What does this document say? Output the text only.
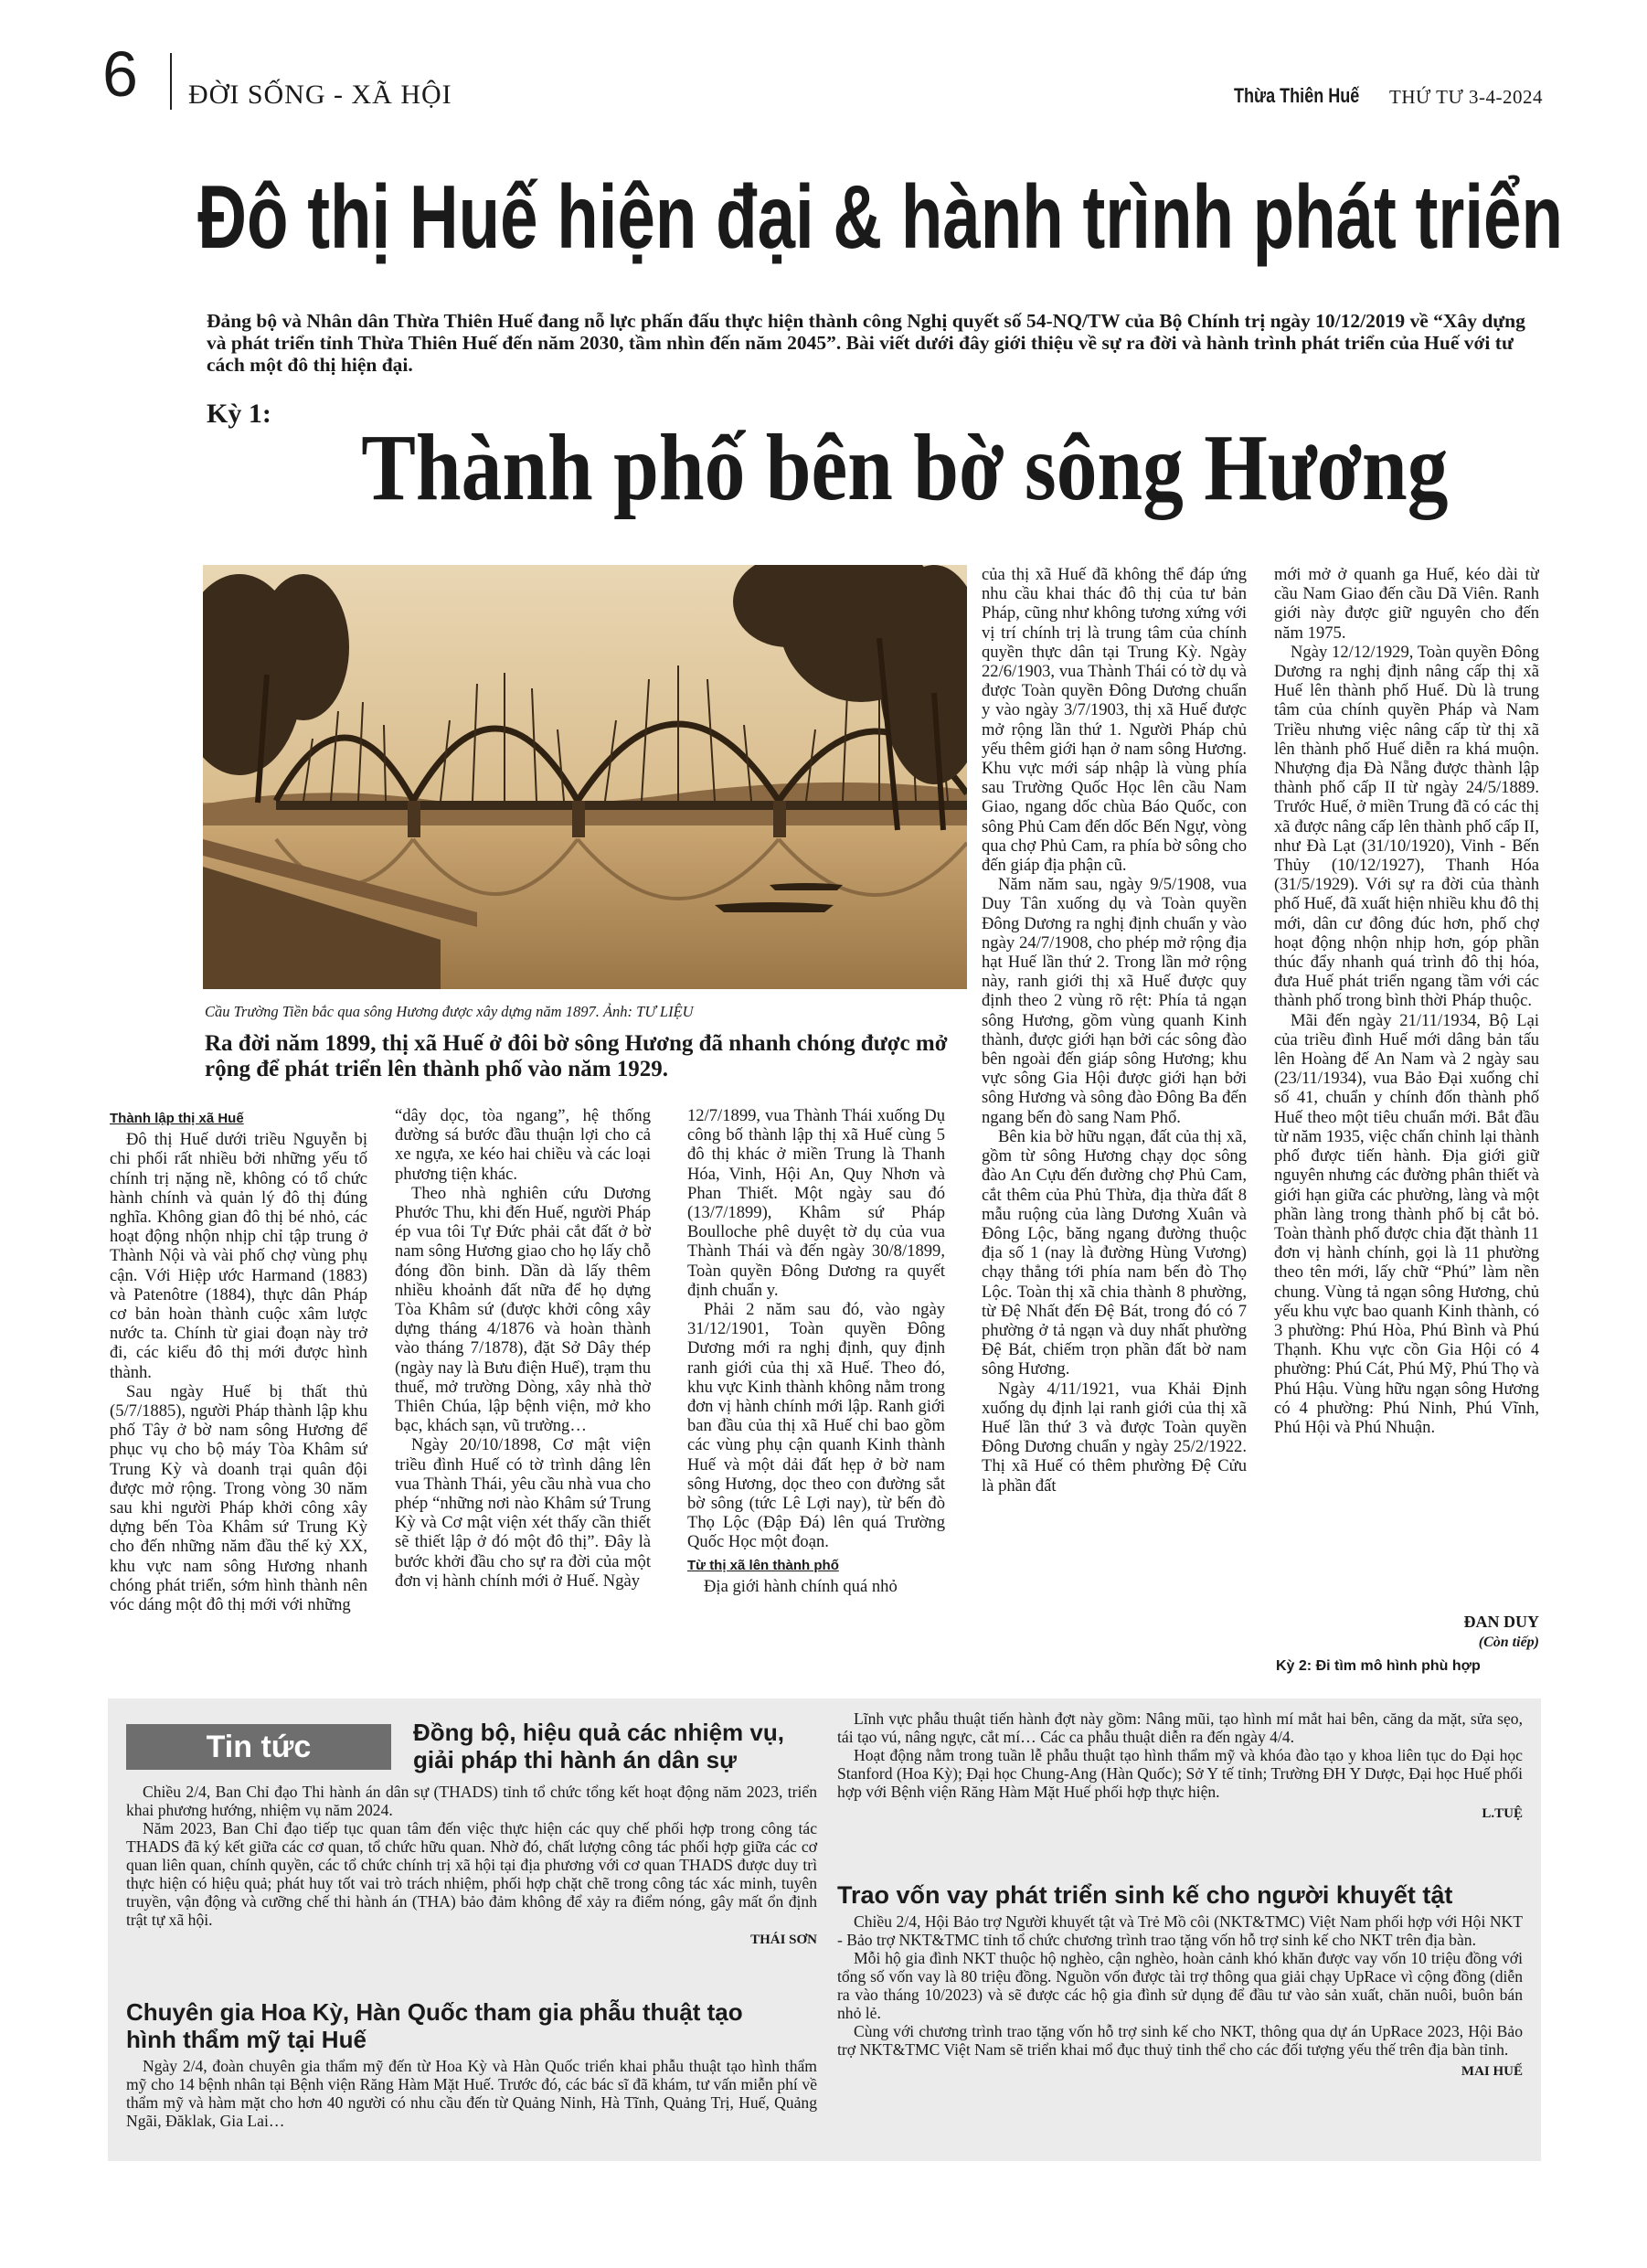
6 ĐỜI SỐNG - XÃ HỘI	Thừa Thiên Huế THỨ TƯ 3-4-2024
Đô thị Huế hiện đại & hành trình phát triển
Đảng bộ và Nhân dân Thừa Thiên Huế đang nỗ lực phấn đấu thực hiện thành công Nghị quyết số 54-NQ/TW của Bộ Chính trị ngày 10/12/2019 về “Xây dựng và phát triển tỉnh Thừa Thiên Huế đến năm 2030, tầm nhìn đến năm 2045”. Bài viết dưới đây giới thiệu về sự ra đời và hành trình phát triển của Huế với tư cách một đô thị hiện đại.
Kỳ 1:
Thành phố bên bờ sông Hương
Cầu Trường Tiền bắc qua sông Hương được xây dựng năm 1897. Ảnh: TƯ LIỆU
Ra đời năm 1899, thị xã Huế ở đôi bờ sông Hương đã nhanh chóng được mở rộng để phát triển lên thành phố vào năm 1929.
Thành lập thị xã Huế

Đô thị Huế dưới triều Nguyễn bị chi phối rất nhiều bởi những yếu tố chính trị nặng nề, không có tổ chức hành chính và quản lý đô thị đúng nghĩa. Không gian đô thị bé nhỏ, các hoạt động nhộn nhịp chỉ tập trung ở Thành Nội và vài phố chợ vùng phụ cận. Với Hiệp ước Harmand (1883) và Patenôtre (1884), thực dân Pháp cơ bản hoàn thành cuộc xâm lược nước ta. Chính từ giai đoạn này trở đi, các kiểu đô thị mới được hình thành.

Sau ngày Huế bị thất thủ (5/7/1885), người Pháp thành lập khu phố Tây ở bờ nam sông Hương để phục vụ cho bộ máy Tòa Khâm sứ Trung Kỳ và doanh trại quân đội được mở rộng. Trong vòng 30 năm sau khi người Pháp khởi công xây dựng bến Tòa Khâm sứ Trung Kỳ cho đến những năm đầu thế kỷ XX, khu vực nam sông Hương nhanh chóng phát triển, sớm hình thành nên vóc dáng một đô thị mới với những

“dây dọc, tòa ngang”, hệ thống đường sá bước đầu thuận lợi cho cả xe ngựa, xe kéo hai chiều và các loại phương tiện khác.

Theo nhà nghiên cứu Dương Phước Thu, khi đến Huế, người Pháp ép vua tôi Tự Đức phải cắt đất ở bờ nam sông Hương giao cho họ lấy chỗ đóng đồn binh. Dần dà lấy thêm nhiều khoảnh đất nữa để họ dựng Tòa Khâm sứ (được khởi công xây dựng tháng 4/1876 và hoàn thành vào tháng 7/1878), đặt Sở Dây thép (ngày nay là Bưu điện Huế), trạm thu thuế, mở trường Dòng, xây nhà thờ Thiên Chúa, lập bệnh viện, mở kho bạc, khách sạn, vũ trường…

Ngày 20/10/1898, Cơ mật viện triều đình Huế có tờ trình dâng lên vua Thành Thái, yêu cầu nhà vua cho phép “những nơi nào Khâm sứ Trung Kỳ và Cơ mật viện xét thấy cần thiết sẽ thiết lập ở đó một đô thị”. Đây là bước khởi đầu cho sự ra đời của một đơn vị hành chính mới ở Huế. Ngày

12/7/1899, vua Thành Thái xuống Dụ công bố thành lập thị xã Huế cùng 5 đô thị khác ở miền Trung là Thanh Hóa, Vinh, Hội An, Quy Nhơn và Phan Thiết. Một ngày sau đó (13/7/1899), Khâm sứ Pháp Boulloche phê duyệt tờ dụ của vua Thành Thái và đến ngày 30/8/1899, Toàn quyền Đông Dương ra quyết định chuẩn y.

Phải 2 năm sau đó, vào ngày 31/12/1901, Toàn quyền Đông Dương mới ra nghị định, quy định ranh giới của thị xã Huế. Theo đó, khu vực Kinh thành không nằm trong đơn vị hành chính mới lập. Ranh giới ban đầu của thị xã Huế chỉ bao gồm các vùng phụ cận quanh Kinh thành Huế và một dải đất hẹp ở bờ nam sông Hương, dọc theo con đường sắt bờ sông (tức Lê Lợi nay), từ bến đò Thọ Lộc (Đập Đá) lên quá Trường Quốc Học một đoạn.

Từ thị xã lên thành phố

Địa giới hành chính quá nhỏ

của thị xã Huế đã không thể đáp ứng nhu cầu khai thác đô thị của tư bản Pháp, cũng như không tương xứng với vị trí chính trị là trung tâm của chính quyền thực dân tại Trung Kỳ. Ngày 22/6/1903, vua Thành Thái có tờ dụ và được Toàn quyền Đông Dương chuẩn y vào ngày 3/7/1903, thị xã Huế được mở rộng lần thứ 1. Người Pháp chủ yếu thêm giới hạn ở nam sông Hương. Khu vực mới sáp nhập là vùng phía sau Trường Quốc Học lên cầu Nam Giao, ngang dốc chùa Báo Quốc, con sông Phủ Cam đến dốc Bến Ngự, vòng qua chợ Phủ Cam, ra phía bờ sông cho đến giáp địa phận cũ.

Năm năm sau, ngày 9/5/1908, vua Duy Tân xuống dụ và Toàn quyền Đông Dương ra nghị định chuẩn y vào ngày 24/7/1908, cho phép mở rộng địa hạt Huế lần thứ 2. Trong lần mở rộng này, ranh giới thị xã Huế được quy định theo 2 vùng rõ rệt: Phía tả ngạn sông Hương, gồm vùng quanh Kinh thành, được giới hạn bởi các sông đào bên ngoài đến giáp sông Hương; khu vực sông Gia Hội được giới hạn bởi sông Hương và sông đào Đông Ba đến ngang bến đò sang Nam Phổ.

Bên kia bờ hữu ngạn, đất của thị xã, gồm từ sông Hương chạy dọc sông đào An Cựu đến đường chợ Phủ Cam, cắt thêm của Phủ Thừa, địa thừa đất 8 mẫu ruộng của làng Dương Xuân và Đông Lộc, băng ngang đường thuộc địa số 1 (nay là đường Hùng Vương) chạy thẳng tới phía nam bến đò Thọ Lộc. Toàn thị xã chia thành 8 phường, từ Đệ Nhất đến Đệ Bát, trong đó có 7 phường ở tả ngạn và duy nhất phường Đệ Bát, chiếm trọn phần đất bờ nam sông Hương.

Ngày 4/11/1921, vua Khải Định xuống dụ định lại ranh giới của thị xã Huế lần thứ 3 và được Toàn quyền Đông Dương chuẩn y ngày 25/2/1922. Thị xã Huế có thêm phường Đệ Cửu là phần đất

mới mở ở quanh ga Huế, kéo dài từ cầu Nam Giao đến cầu Dã Viên. Ranh giới này được giữ nguyên cho đến năm 1975.

Ngày 12/12/1929, Toàn quyền Đông Dương ra nghị định nâng cấp thị xã Huế lên thành phố Huế. Dù là trung tâm của chính quyền Pháp và Nam Triều nhưng việc nâng cấp từ thị xã lên thành phố Huế diễn ra khá muộn. Nhượng địa Đà Nẵng được thành lập thành phố cấp II từ ngày 24/5/1889. Trước Huế, ở miền Trung đã có các thị xã được nâng cấp lên thành phố cấp II, như Đà Lạt (31/10/1920), Vinh - Bến Thủy (10/12/1927), Thanh Hóa (31/5/1929). Với sự ra đời của thành phố Huế, đã xuất hiện nhiều khu đô thị mới, dân cư đông đúc hơn, phố chợ hoạt động nhộn nhịp hơn, góp phần thúc đẩy nhanh quá trình đô thị hóa, đưa Huế phát triển ngang tầm với các thành phố trong bình thời Pháp thuộc.

Mãi đến ngày 21/11/1934, Bộ Lại của triều đình Huế mới dâng bản tấu lên Hoàng đế An Nam và 2 ngày sau (23/11/1934), vua Bảo Đại xuống chỉ số 41, chuẩn y chính đốn thành phố Huế theo một tiêu chuẩn mới. Bắt đầu từ năm 1935, việc chấn chỉnh lại thành phố được tiến hành. Địa giới giữ nguyên nhưng các đường phân thiết và giới hạn giữa các phường, làng và một phần làng trong thành phố bị cắt bỏ. Toàn thành phố được chia đặt thành 11 đơn vị hành chính, gọi là 11 phường theo tên mới, lấy chữ “Phú” làm nền chung. Vùng tả ngạn sông Hương, chủ yếu khu vực bao quanh Kinh thành, có 3 phường: Phú Hòa, Phú Bình và Phú Thạnh. Khu vực cồn Gia Hội có 4 phường: Phú Cát, Phú Mỹ, Phú Thọ và Phú Hậu. Vùng hữu ngạn sông Hương có 4 phường: Phú Ninh, Phú Vĩnh, Phú Hội và Phú Nhuận.

ĐAN DUY
(Còn tiếp)
Kỳ 2: Đi tìm mô hình phù hợp
Tin tức	Đồng bộ, hiệu quả các nhiệm vụ, giải pháp thi hành án dân sự

Chiều 2/4, Ban Chỉ đạo Thi hành án dân sự (THADS) tỉnh tổ chức tổng kết hoạt động năm 2023, triển khai phương hướng, nhiệm vụ năm 2024.

Năm 2023, Ban Chỉ đạo tiếp tục quan tâm đến việc thực hiện các quy chế phối hợp trong công tác THADS đã ký kết giữa các cơ quan, tổ chức hữu quan. Nhờ đó, chất lượng công tác phối hợp giữa các cơ quan liên quan, chính quyền, các tổ chức chính trị xã hội tại địa phương với cơ quan THADS được duy trì thực hiện có hiệu quả; phát huy tốt vai trò trách nhiệm, phối hợp chặt chẽ trong công tác xác minh, tuyên truyền, vận động và cưỡng chế thi hành án (THA) bảo đảm không để xảy ra điểm nóng, gây mất ổn định trật tự xã hội.

THÁI SƠN
Chuyên gia Hoa Kỳ, Hàn Quốc tham gia phẫu thuật tạo hình thẩm mỹ tại Huế

Ngày 2/4, đoàn chuyên gia thẩm mỹ đến từ Hoa Kỳ và Hàn Quốc triển khai phẫu thuật tạo hình thẩm mỹ cho 14 bệnh nhân tại Bệnh viện Răng Hàm Mặt Huế. Trước đó, các bác sĩ đã khám, tư vấn miễn phí về thẩm mỹ và hàm mặt cho hơn 40 người có nhu cầu đến từ Quảng Ninh, Hà Tĩnh, Quảng Trị, Huế, Quảng Ngãi, Đăklak, Gia Lai…

Lĩnh vực phẫu thuật tiến hành đợt này gồm: Nâng mũi, tạo hình mí mắt hai bên, căng da mặt, sửa sẹo, tái tạo vú, nâng ngực, cắt mí… Các ca phẫu thuật diễn ra đến ngày 4/4.

Hoạt động nằm trong tuần lễ phẫu thuật tạo hình thẩm mỹ và khóa đào tạo y khoa liên tục do Đại học Stanford (Hoa Kỳ); Đại học Chung-Ang (Hàn Quốc); Sở Y tế tỉnh; Trường ĐH Y Dược, Đại học Huế phối hợp với Bệnh viện Răng Hàm Mặt Huế phối hợp thực hiện.

L.TUỆ
Trao vốn vay phát triển sinh kế cho người khuyết tật

Chiều 2/4, Hội Bảo trợ Người khuyết tật và Trẻ Mồ côi (NKT&TMC) Việt Nam phối hợp với Hội NKT - Bảo trợ NKT&TMC tỉnh tổ chức chương trình trao tặng vốn hỗ trợ sinh kế cho NKT trên địa bàn.

Mỗi hộ gia đình NKT thuộc hộ nghèo, cận nghèo, hoàn cảnh khó khăn được vay vốn 10 triệu đồng với tổng số vốn vay là 80 triệu đồng. Nguồn vốn được tài trợ thông qua giải chạy UpRace vì cộng đồng (diễn ra vào tháng 10/2023) và sẽ được các hộ gia đình sử dụng để đầu tư vào sản xuất, chăn nuôi, buôn bán nhỏ lẻ.

Cùng với chương trình trao tặng vốn hỗ trợ sinh kế cho NKT, thông qua dự án UpRace 2023, Hội Bảo trợ NKT&TMC Việt Nam sẽ triển khai mổ đục thuỷ tinh thể cho các đối tượng yếu thế trên địa bàn tỉnh.

MAI HUẾ
